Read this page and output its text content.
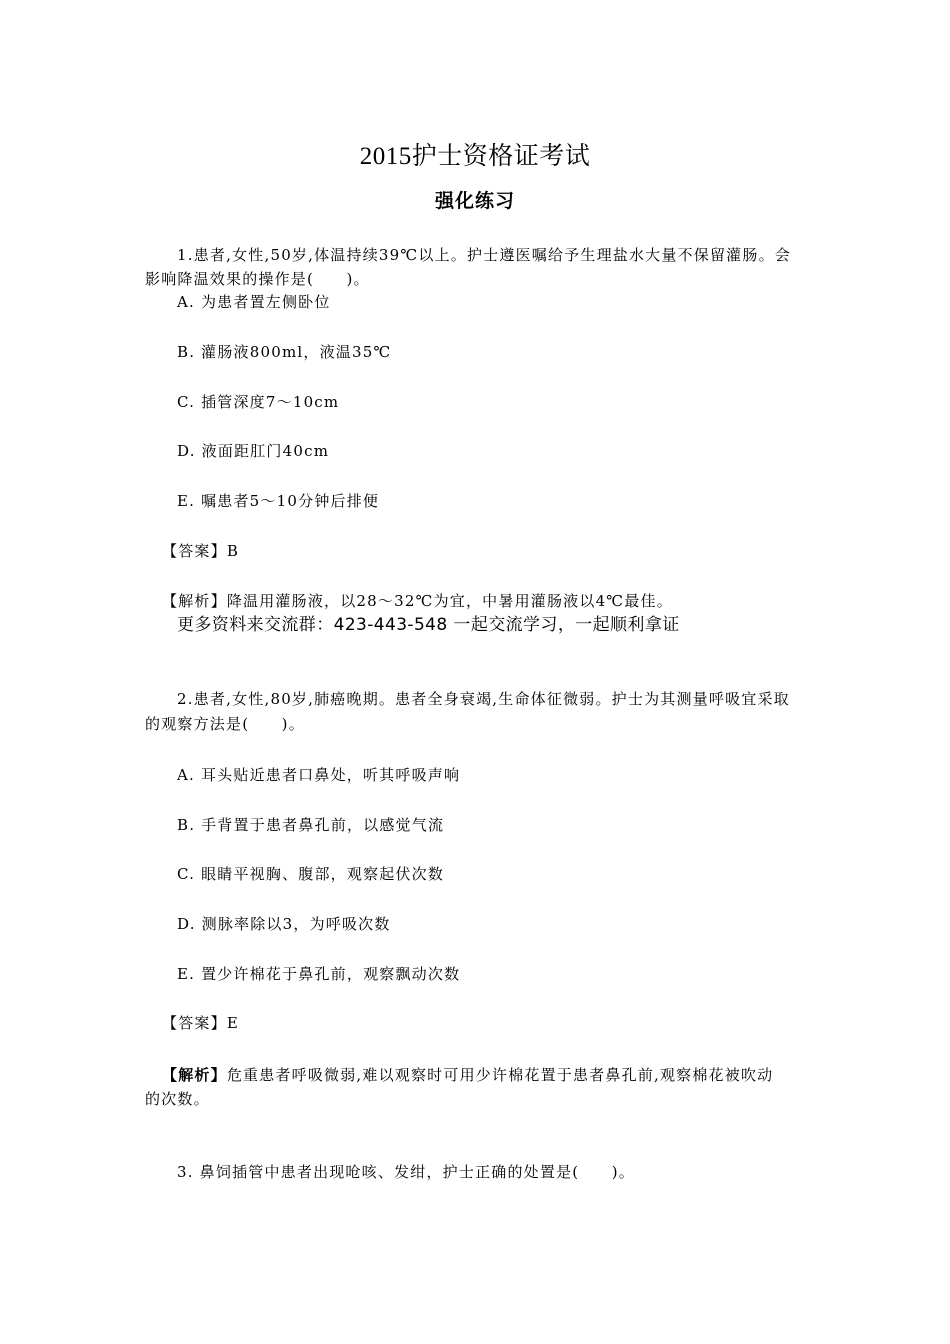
2015护士资格证考试
强化练习
1.患者,女性,50岁,体温持续39℃以上。护士遵医嘱给予生理盐水大量不保留灌肠。会
影响降温效果的操作是(　　)。
A. 为患者置左侧卧位
B. 灌肠液800ml，液温35℃
C. 插管深度7～10cm
D. 液面距肛门40cm
E. 嘱患者5～10分钟后排便
【答案】B
【解析】降温用灌肠液，以28～32℃为宜，中暑用灌肠液以4℃最佳。
更多资料来交流群：423-443-548 一起交流学习，一起顺利拿证
2.患者,女性,80岁,肺癌晚期。患者全身衰竭,生命体征微弱。护士为其测量呼吸宜采取
的观察方法是(　　)。
A. 耳头贴近患者口鼻处，听其呼吸声响
B. 手背置于患者鼻孔前，以感觉气流
C. 眼睛平视胸、腹部，观察起伏次数
D. 测脉率除以3，为呼吸次数
E. 置少许棉花于鼻孔前，观察飘动次数
【答案】E
【解析】危重患者呼吸微弱,难以观察时可用少许棉花置于患者鼻孔前,观察棉花被吹动
的次数。
3. 鼻饲插管中患者出现呛咳、发绀，护士正确的处置是(　　)。
